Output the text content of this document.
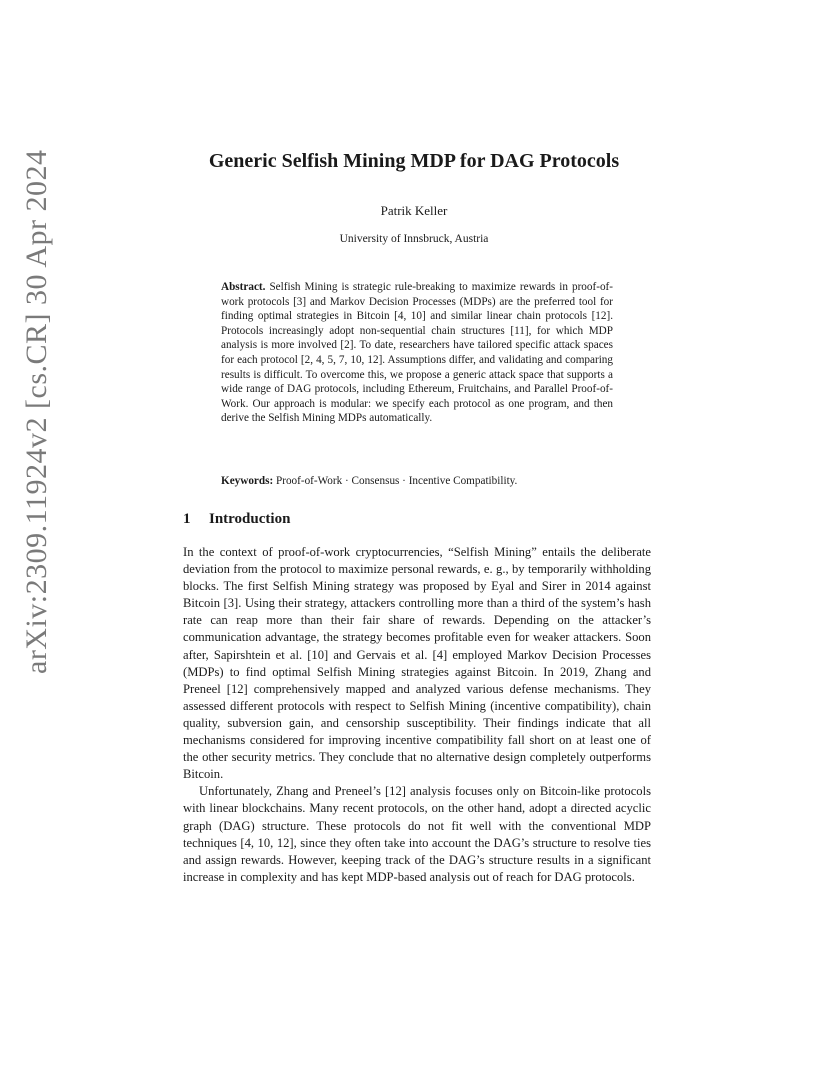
arXiv:2309.11924v2 [cs.CR] 30 Apr 2024	Generic Selfish Mining MDP for DAG Protocols
Patrik Keller
University of Innsbruck, Austria
Abstract. Selfish Mining is strategic rule-breaking to maximize rewards in proof-of-work protocols [3] and Markov Decision Processes (MDPs) are the preferred tool for finding optimal strategies in Bitcoin [4, 10] and similar linear chain protocols [12]. Protocols increasingly adopt non-sequential chain structures [11], for which MDP analysis is more involved [2]. To date, researchers have tailored specific attack spaces for each protocol [2, 4, 5, 7, 10, 12]. Assumptions differ, and validating and comparing results is difficult. To overcome this, we propose a generic attack space that supports a wide range of DAG protocols, including Ethereum, Fruitchains, and Parallel Proof-of-Work. Our approach is modular: we specify each protocol as one program, and then derive the Selfish Mining MDPs automatically.
Keywords: Proof-of-Work · Consensus · Incentive Compatibility.
1 Introduction

In the context of proof-of-work cryptocurrencies, “Selfish Mining” entails the deliberate deviation from the protocol to maximize personal rewards, e. g., by temporarily withholding blocks. The first Selfish Mining strategy was proposed by Eyal and Sirer in 2014 against Bitcoin [3]. Using their strategy, attackers controlling more than a third of the system’s hash rate can reap more than their fair share of rewards. Depending on the attacker’s communication advantage, the strategy becomes profitable even for weaker attackers. Soon after, Sapirshtein et al. [10] and Gervais et al. [4] employed Markov Decision Processes (MDPs) to find optimal Selfish Mining strategies against Bitcoin. In 2019, Zhang and Preneel [12] comprehensively mapped and analyzed various defense mechanisms. They assessed different protocols with respect to Selfish Mining (incentive compatibility), chain quality, subversion gain, and censorship susceptibility. Their findings indicate that all mechanisms considered for improving incentive compatibility fall short on at least one of the other security metrics. They conclude that no alternative design completely outperforms Bitcoin.

Unfortunately, Zhang and Preneel’s [12] analysis focuses only on Bitcoin-like protocols with linear blockchains. Many recent protocols, on the other hand, adopt a directed acyclic graph (DAG) structure. These protocols do not fit well with the conventional MDP techniques [4, 10, 12], since they often take into account the DAG’s structure to resolve ties and assign rewards. However, keeping track of the DAG’s structure results in a significant increase in complexity and has kept MDP-based analysis out of reach for DAG protocols.
